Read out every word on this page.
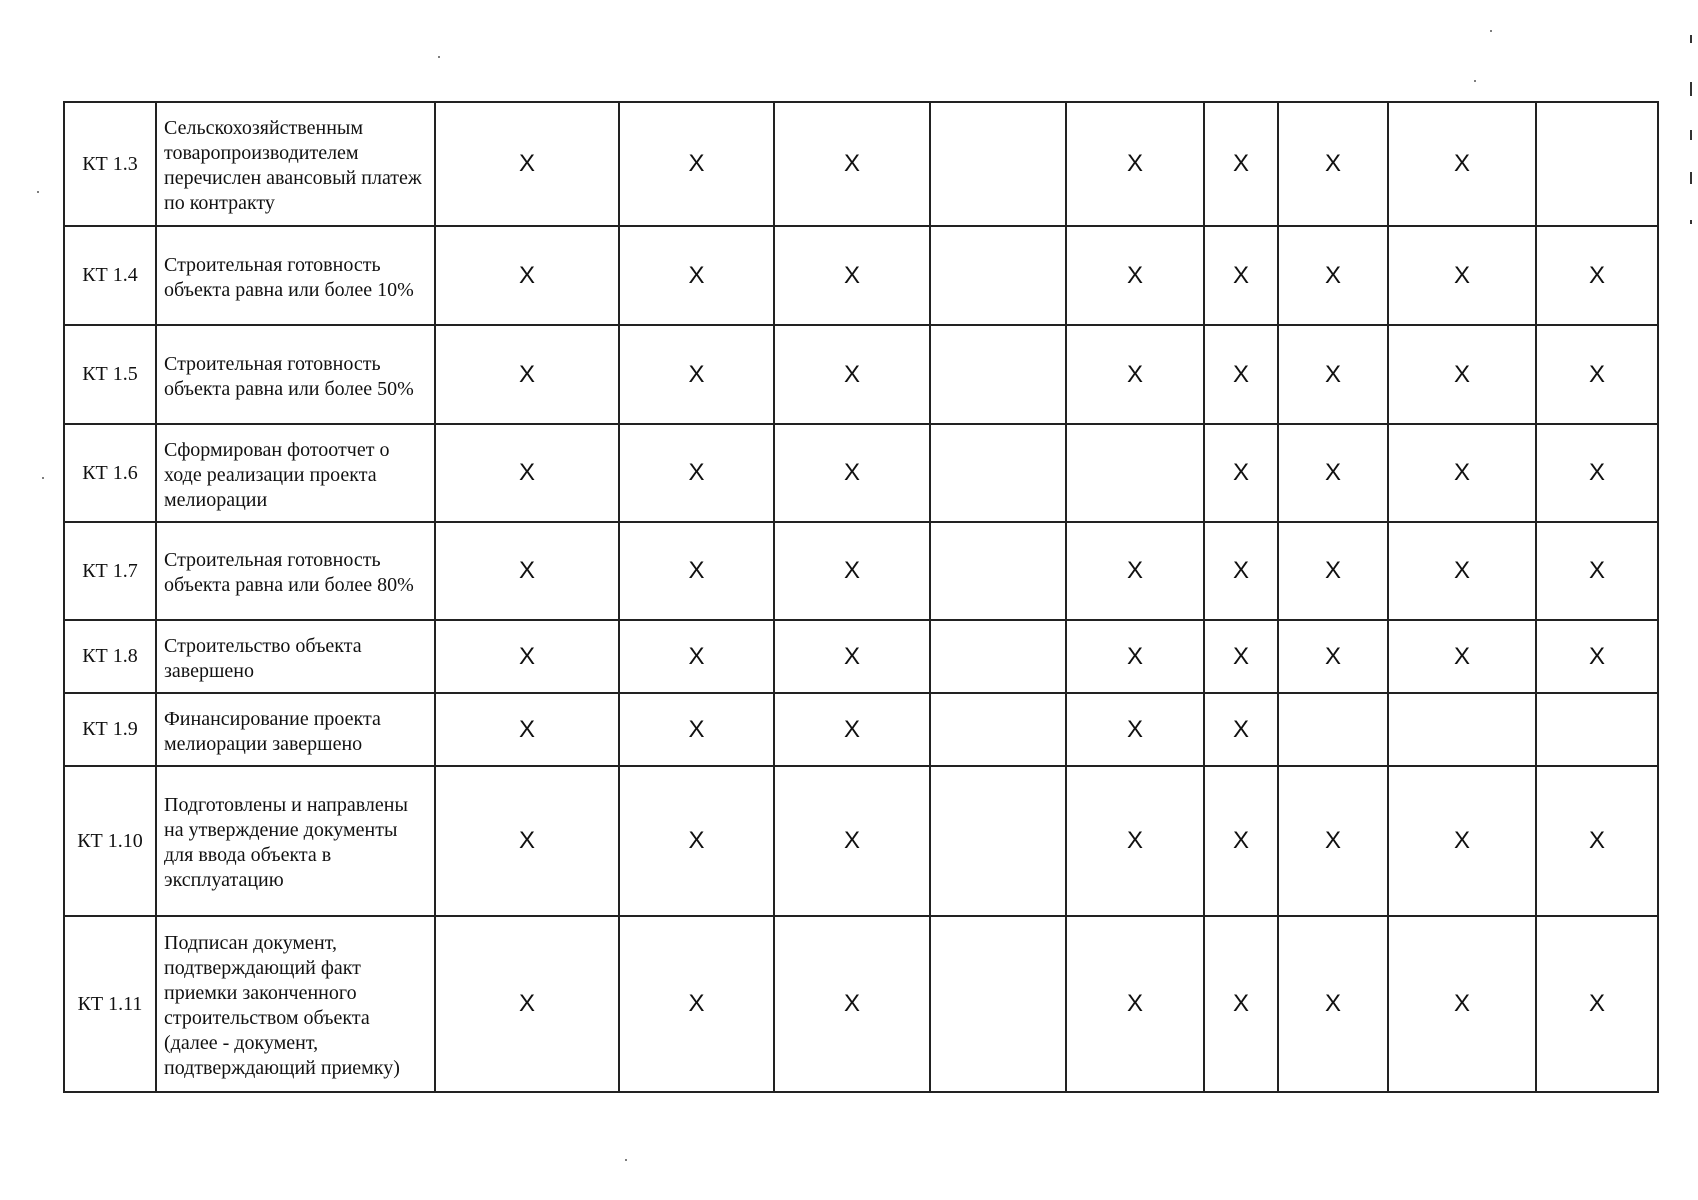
КТ 1.3	Сельскохозяйственным товаропроизводителем перечислен авансовый платеж по контракту	X	X	X		X	X	X	X	
КТ 1.4	Строительная готовность объекта равна или более 10%	X	X	X		X	X	X	X	X
КТ 1.5	Строительная готовность объекта равна или более 50%	X	X	X		X	X	X	X	X
КТ 1.6	Сформирован фотоотчет о ходе реализации проекта мелиорации	X	X	X			X	X	X	X
КТ 1.7	Строительная готовность объекта равна или более 80%	X	X	X		X	X	X	X	X
КТ 1.8	Строительство объекта завершено	X	X	X		X	X	X	X	X
КТ 1.9	Финансирование проекта мелиорации завершено	X	X	X		X	X			
КТ 1.10	Подготовлены и направлены на утверждение документы для ввода объекта в эксплуатацию	X	X	X		X	X	X	X	X
КТ 1.11	Подписан документ, подтверждающий факт приемки законченного строительством объекта (далее - документ, подтверждающий приемку)	X	X	X		X	X	X	X	X
